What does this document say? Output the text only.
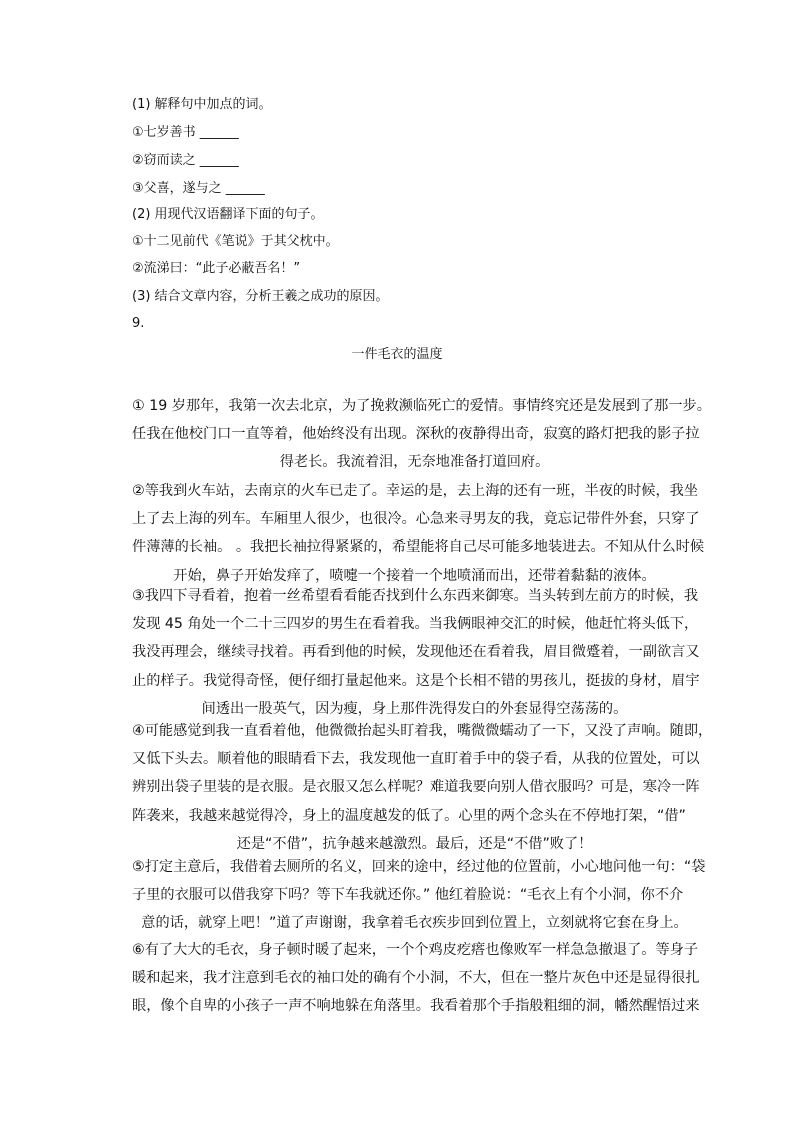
(1) 解释句中加点的词。
①七岁善书 ______
②窃而读之 ______
③父喜，遂与之 ______
(2) 用现代汉语翻译下面的句子。
①十二见前代《笔说》于其父枕中。
②流涕曰：“此子必蔽吾名！”
(3) 结合文章内容，分析王羲之成功的原因。
9.
一件毛衣的温度
① 19 岁那年，我第一次去北京，为了挽救濒临死亡的爱情。事情终究还是发展到了那一步。
任我在他校门口一直等着，他始终没有出现。深秋的夜静得出奇，寂寞的路灯把我的影子拉
得老长。我流着泪，无奈地准备打道回府。
②等我到火车站，去南京的火车已走了。幸运的是，去上海的还有一班，半夜的时候，我坐
上了去上海的列车。车厢里人很少，也很冷。心急来寻男友的我，竟忘记带件外套，只穿了
件薄薄的长袖。 。我把长袖拉得紧紧的，希望能将自己尽可能多地装进去。不知从什么时候
开始，鼻子开始发痒了，喷嚏一个接着一个地喷涌而出，还带着黏黏的液体。
③我四下寻看着，抱着一丝希望看看能否找到什么东西来御寒。当头转到左前方的时候，我
发现 45 角处一个二十三四岁的男生在看着我。当我俩眼神交汇的时候，他赶忙将头低下，
我没再理会，继续寻找着。再看到他的时候，发现他还在看着我，眉目微蹙着，一副欲言又
止的样子。我觉得奇怪，便仔细打量起他来。这是个长相不错的男孩儿，挺拔的身材，眉宇
间透出一股英气，因为瘦，身上那件洗得发白的外套显得空荡荡的。
④可能感觉到我一直看着他，他微微抬起头盯着我，嘴微微蠕动了一下，又没了声响。随即，
又低下头去。顺着他的眼睛看下去，我发现他一直盯着手中的袋子看，从我的位置处，可以
辨别出袋子里装的是衣服。是衣服又怎么样呢？难道我要向别人借衣服吗？可是，寒冷一阵
阵袭来，我越来越觉得冷，身上的温度越发的低了。心里的两个念头在不停地打架，“借”
还是“不借”，抗争越来越激烈。最后，还是“不借”败了！
⑤打定主意后，我借着去厕所的名义，回来的途中，经过他的位置前，小心地问他一句：“袋
子里的衣服可以借我穿下吗？等下车我就还你。” 他红着脸说：“毛衣上有个小洞，你不介
意的话，就穿上吧！”道了声谢谢，我拿着毛衣疾步回到位置上，立刻就将它套在身上。
⑥有了大大的毛衣，身子顿时暖了起来，一个个鸡皮疙瘩也像败军一样急急撤退了。等身子
暖和起来，我才注意到毛衣的袖口处的确有个小洞，不大，但在一整片灰色中还是显得很扎
眼，像个自卑的小孩子一声不响地躲在角落里。我看着那个手指般粗细的洞，幡然醒悟过来
